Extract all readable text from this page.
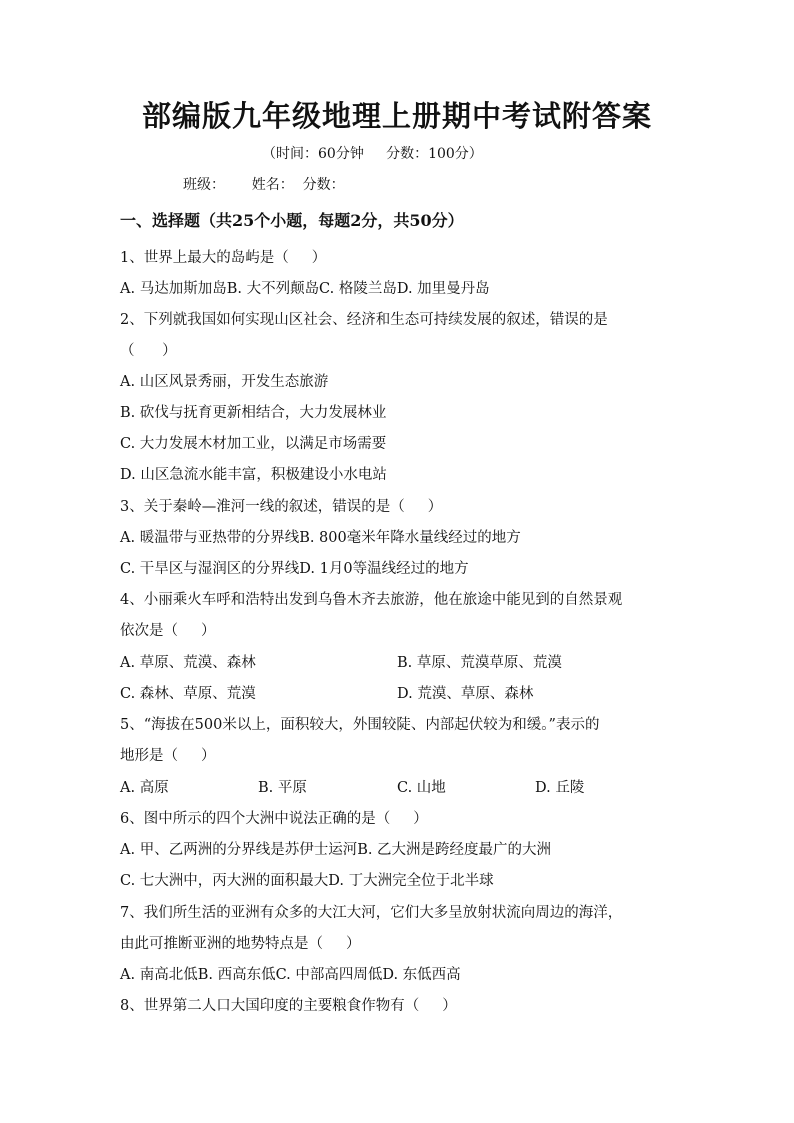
部编版九年级地理上册期中考试附答案
（时间：60分钟     分数：100分）
班级：      姓名：  分数：
一、选择题（共25个小题，每题2分，共50分）
1、世界上最大的岛屿是（     ）
A. 马达加斯加岛B. 大不列颠岛C. 格陵兰岛D. 加里曼丹岛
2、下列就我国如何实现山区社会、经济和生态可持续发展的叙述，错误的是
（      ）
A. 山区风景秀丽，开发生态旅游
B. 砍伐与抚育更新相结合，大力发展林业
C. 大力发展木材加工业，以满足市场需要
D. 山区急流水能丰富，积极建设小水电站
3、关于秦岭—淮河一线的叙述，错误的是（     ）
A. 暖温带与亚热带的分界线B. 800毫米年降水量线经过的地方
C. 干旱区与湿润区的分界线D. 1月0等温线经过的地方
4、小丽乘火车呼和浩特出发到乌鲁木齐去旅游，他在旅途中能见到的自然景观
依次是（     ）
A. 草原、荒漠、森林	B. 草原、荒漠草原、荒漠
C. 森林、草原、荒漠	D. 荒漠、草原、森林
5、“海拔在500米以上，面积较大，外围较陡、内部起伏较为和缓。”表示的
地形是（     ）
A. 高原	B. 平原	C. 山地	D. 丘陵
6、图中所示的四个大洲中说法正确的是（     ）
A. 甲、乙两洲的分界线是苏伊士运河B. 乙大洲是跨经度最广的大洲
C. 七大洲中，丙大洲的面积最大D. 丁大洲完全位于北半球
7、我们所生活的亚洲有众多的大江大河，它们大多呈放射状流向周边的海洋，
由此可推断亚洲的地势特点是（     ）
A. 南高北低B. 西高东低C. 中部高四周低D. 东低西高
8、世界第二人口大国印度的主要粮食作物有（     ）
